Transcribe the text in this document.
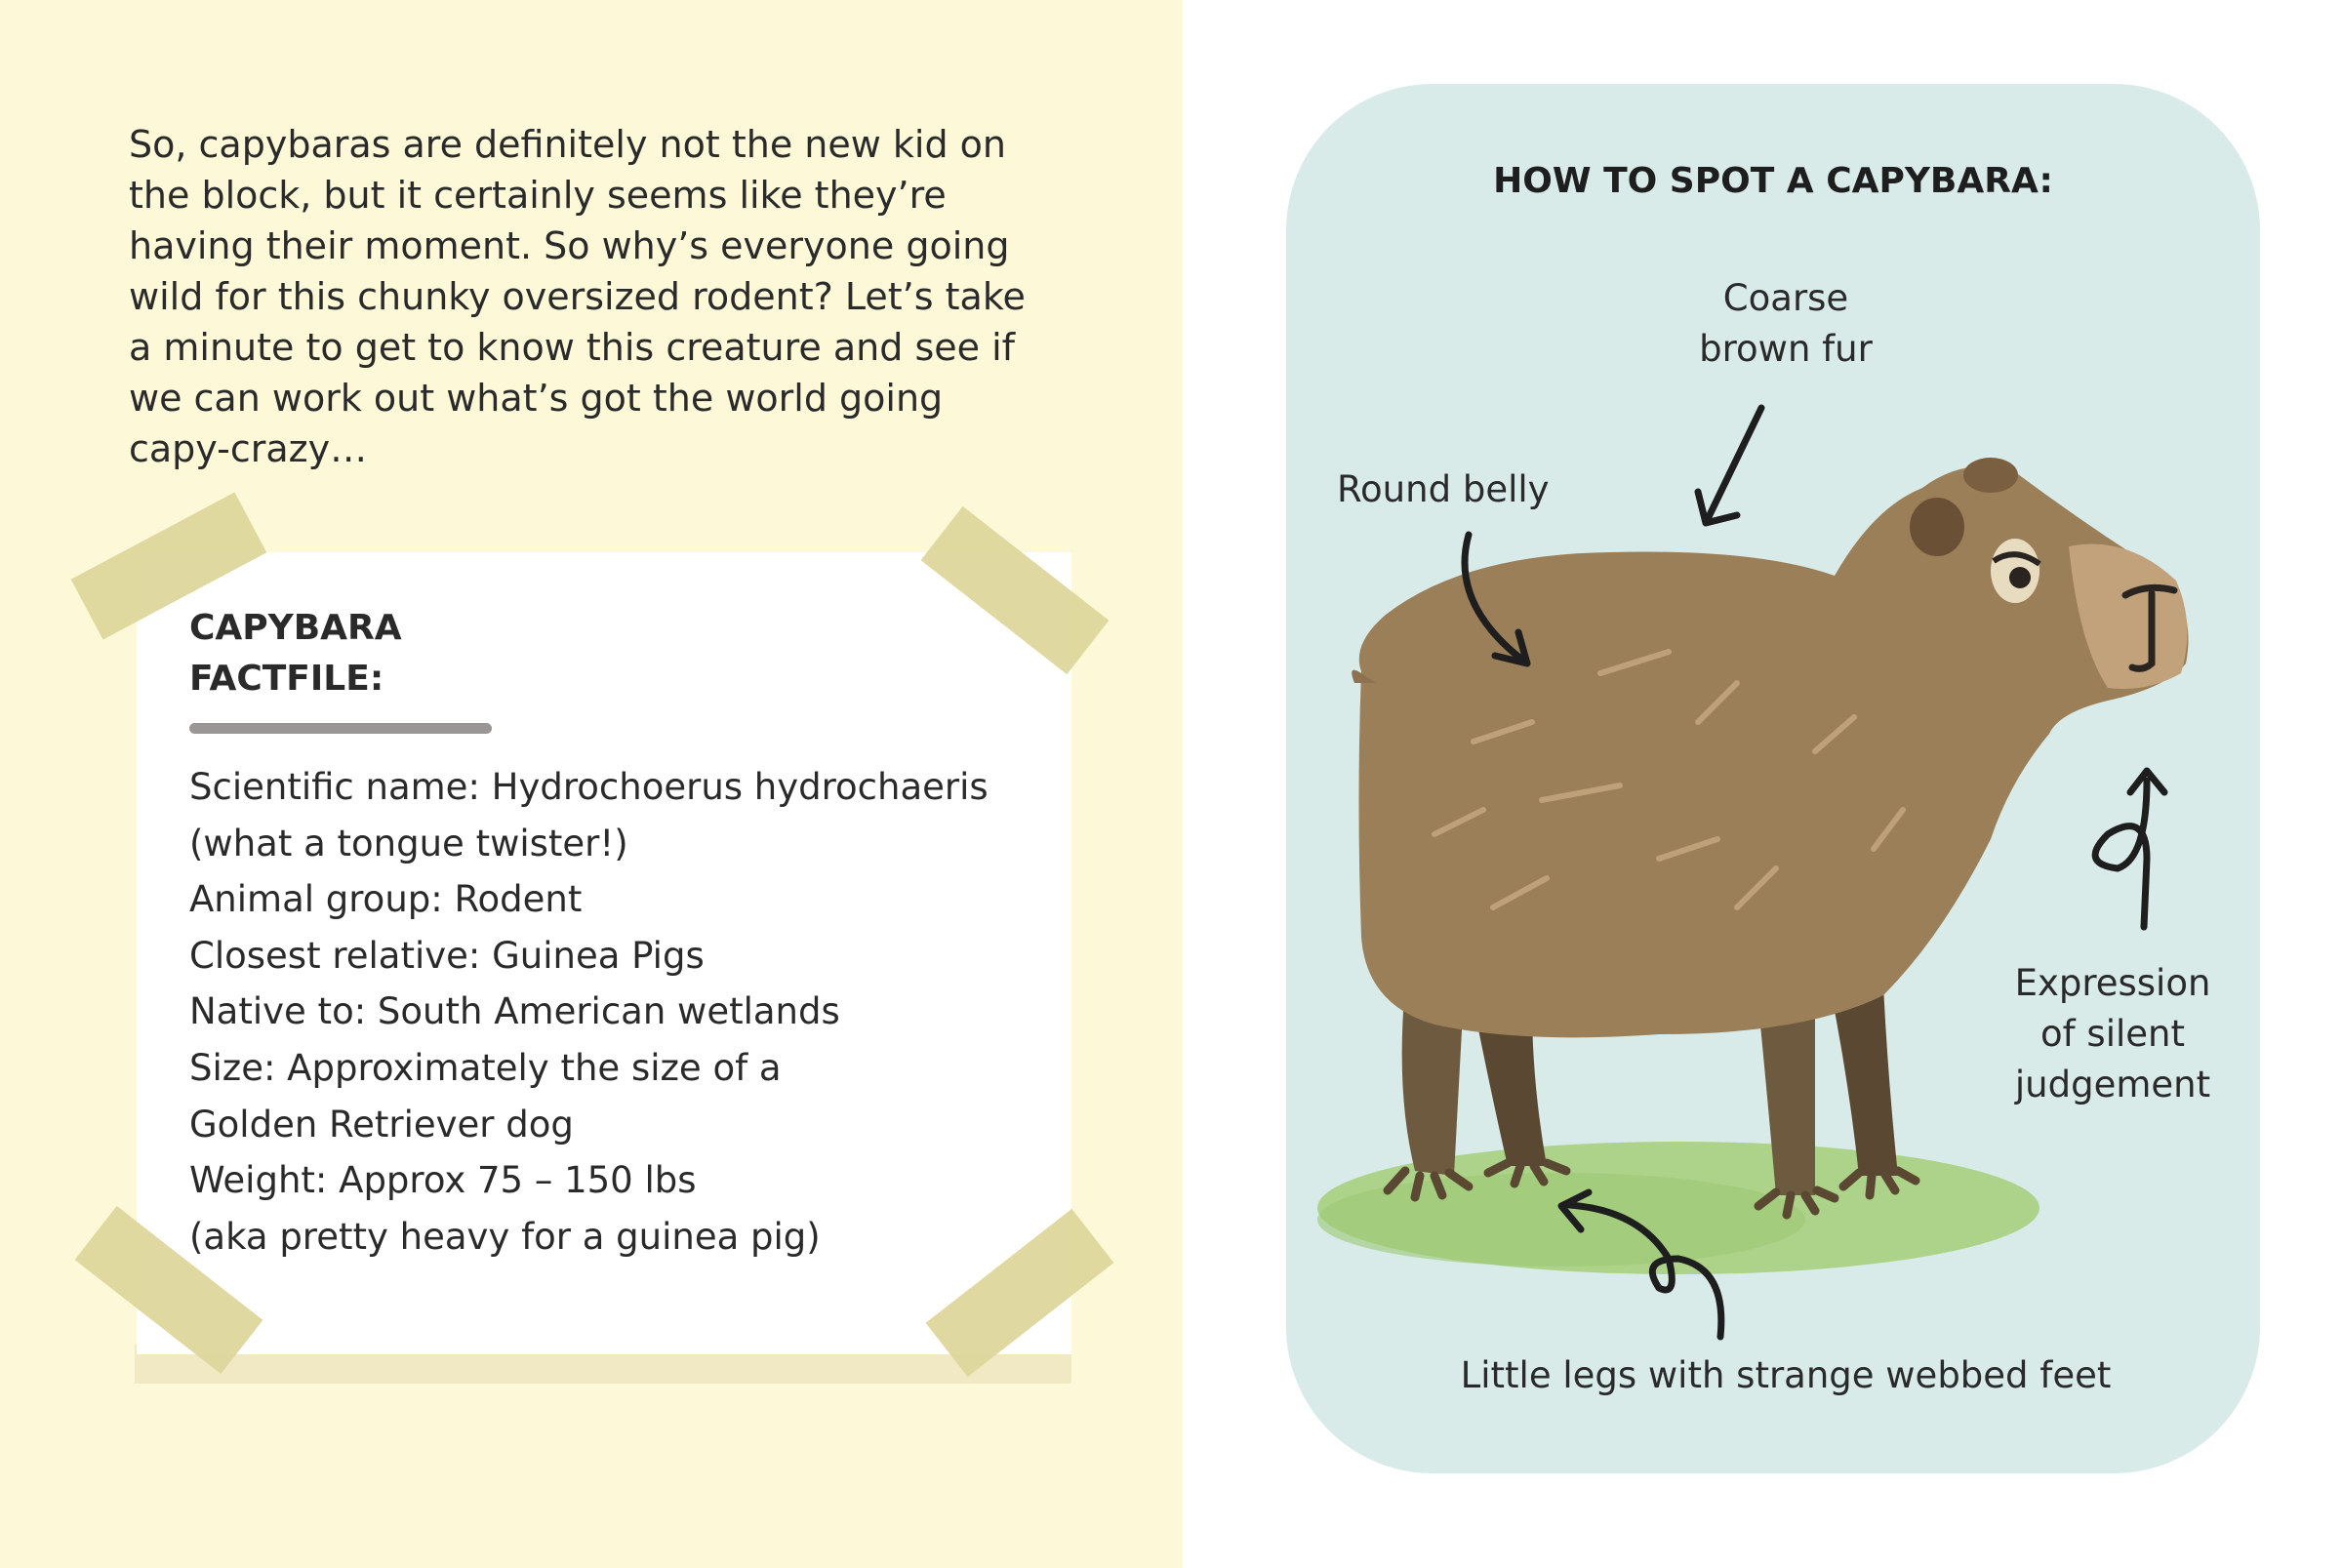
So, capybaras are definitely not the new kid on
the block, but it certainly seems like they’re
having their moment. So why’s everyone going
wild for this chunky oversized rodent? Let’s take
a minute to get to know this creature and see if
we can work out what’s got the world going
capy-crazy…
CAPYBARA
FACTFILE:
Scientific name: Hydrochoerus hydrochaeris
(what a tongue twister!)
Animal group: Rodent
Closest relative: Guinea Pigs
Native to: South American wetlands
Size: Approximately the size of a
Golden Retriever dog
Weight: Approx 75 – 150 lbs
(aka pretty heavy for a guinea pig)
HOW TO SPOT A CAPYBARA:
Coarse
brown fur
Round belly
Expression
of silent
judgement
Little legs with strange webbed feet
